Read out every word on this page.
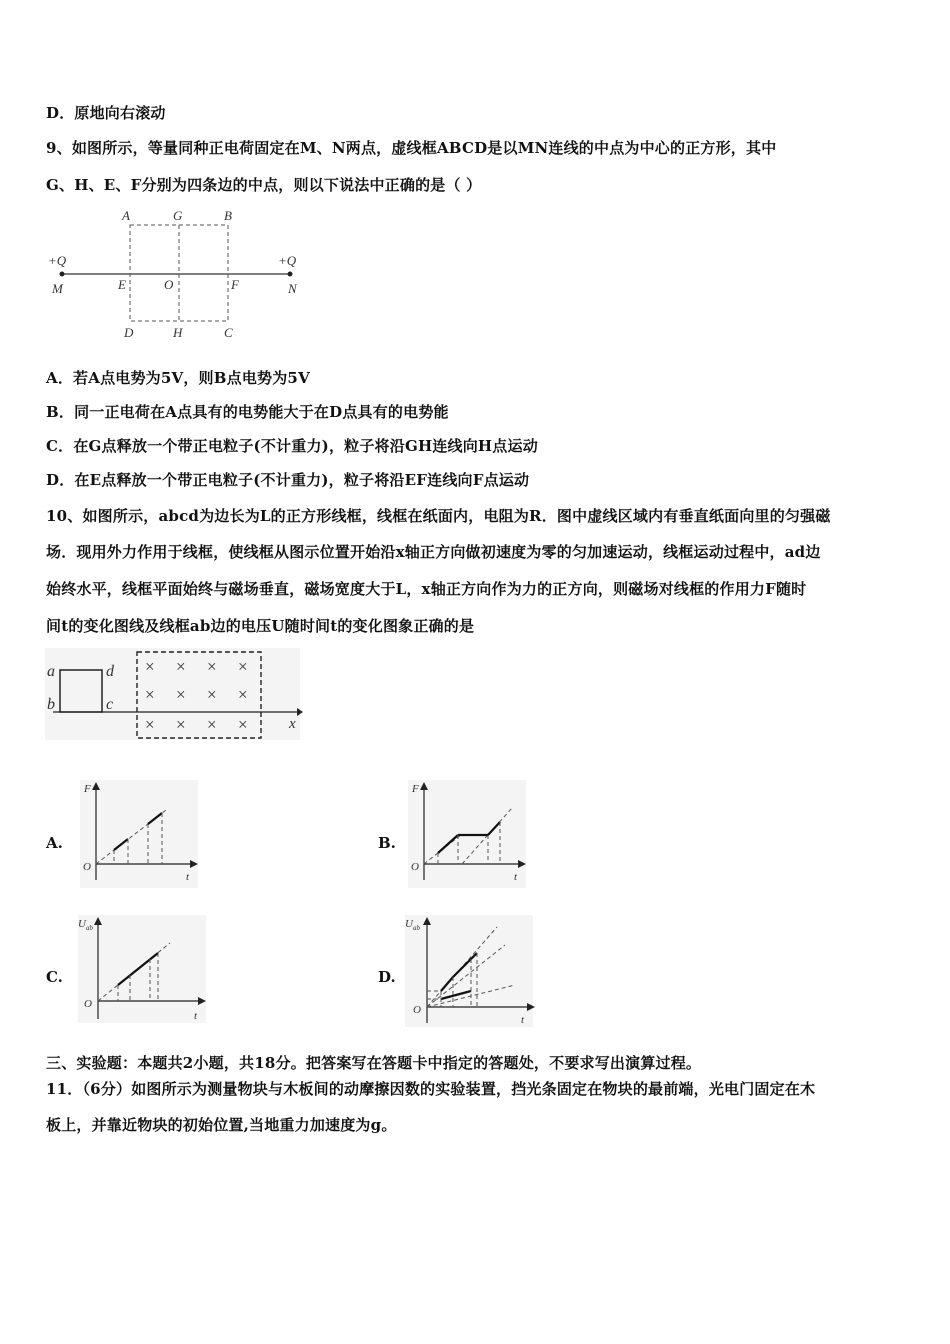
D．原地向右滚动
9、如图所示，等量同种正电荷固定在M、N两点，虚线框ABCD是以MN连线的中点为中心的正方形，其中
G、H、E、F分别为四条边的中点，则以下说法中正确的是（ ）
A	G	B
+Q	+Q
M	E	O	F	N
D	H	C
A．若A点电势为5V，则B点电势为5V
B．同一正电荷在A点具有的电势能大于在D点具有的电势能
C．在G点释放一个带正电粒子(不计重力)，粒子将沿GH连线向H点运动
D．在E点释放一个带正电粒子(不计重力)，粒子将沿EF连线向F点运动
10、如图所示，abcd为边长为L的正方形线框，线框在纸面内，电阻为R．图中虚线区域内有垂直纸面向里的匀强磁
场．现用外力作用于线框，使线框从图示位置开始沿x轴正方向做初速度为零的匀加速运动，线框运动过程中，ad边
始终水平，线框平面始终与磁场垂直，磁场宽度大于L，x轴正方向作为力的正方向，则磁场对线框的作用力F随时
间t的变化图线及线框ab边的电压U随时间t的变化图象正确的是
a
b
d
c
x
× × × ×
× × × ×
× × × ×
A.	B.
C.	D.
F
O
t
F
O
t
U ab
O
t
U ab
O
t
三、实验题：本题共2小题，共18分。把答案写在答题卡中指定的答题处，不要求写出演算过程。
11．（6分）如图所示为测量物块与木板间的动摩擦因数的实验装置，挡光条固定在物块的最前端，光电门固定在木
板上，并靠近物块的初始位置,当地重力加速度为g。
